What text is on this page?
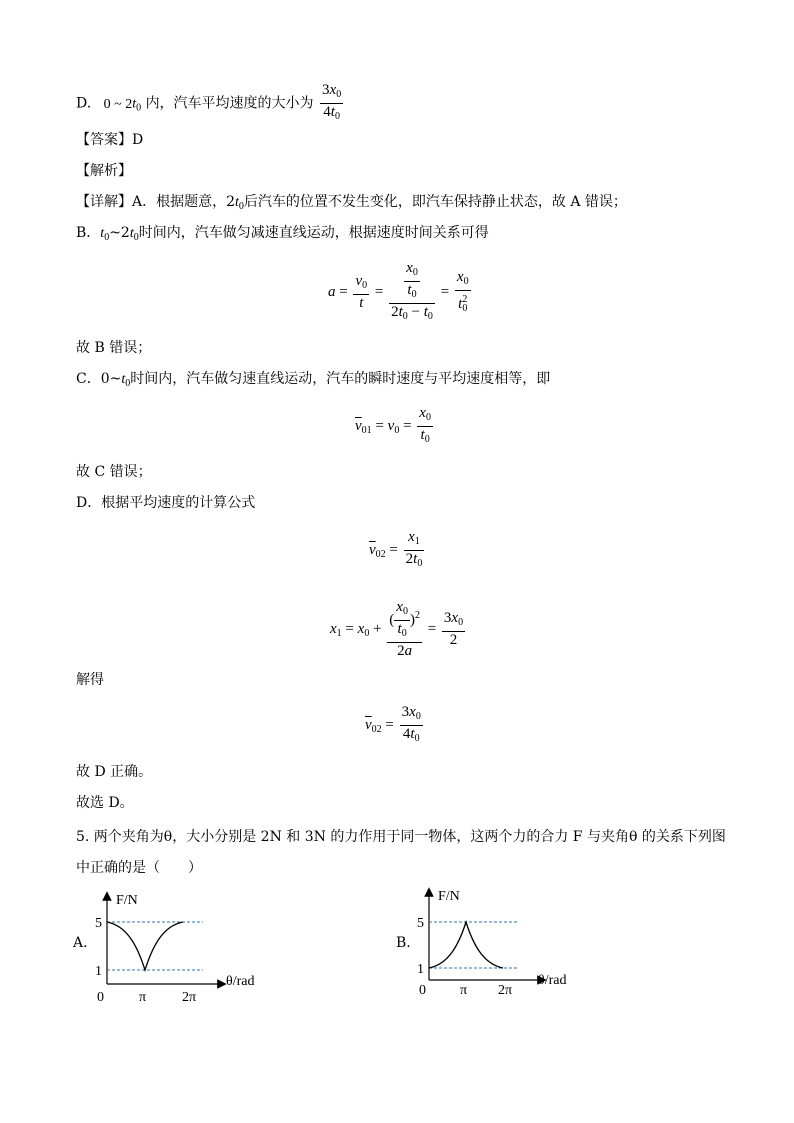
D. 0 ~ $2t_0$ 内，汽车平均速度的大小为 $\frac{3x_0}{4t_0}$
【答案】D
【解析】
【详解】A．根据题意，$2t_0$后汽车的位置不发生变化，即汽车保持静止状态，故 A 错误；
B．$t_0\sim 2t_0$时间内，汽车做匀减速直线运动，根据速度时间关系可得
$a = \frac{v_0}{t} = \frac{\frac{x_0}{t_0}}{2t_0 - t_0} = \frac{x_0}{t_0^2}$
故 B 错误；
C．$0\sim t_0$时间内，汽车做匀速直线运动，汽车的瞬时速度与平均速度相等，即
$\overline{v}_{01} = v_0 = \frac{x_0}{t_0}$
故 C 错误；
D．根据平均速度的计算公式
$\overline{v}_{02} = \frac{x_1}{2t_0}$
$x_1 = x_0 + \frac{( \frac{x_0}{t_0} )^2}{2a} = \frac{3x_0}{2}$
解得
$\overline{v}_{02} = \frac{3x_0}{4t_0}$
故 D 正确。
故选 D。
5. 两个夹角为θ，大小分别是 2N 和 3N 的力作用于同一物体，这两个力的合力 F 与夹角θ 的关系下列图
中正确的是（　　）
A.
F/N
θ/rad
5
1
0	π	2π
B.
F/N
θ/rad
5
1
0 π 2π
